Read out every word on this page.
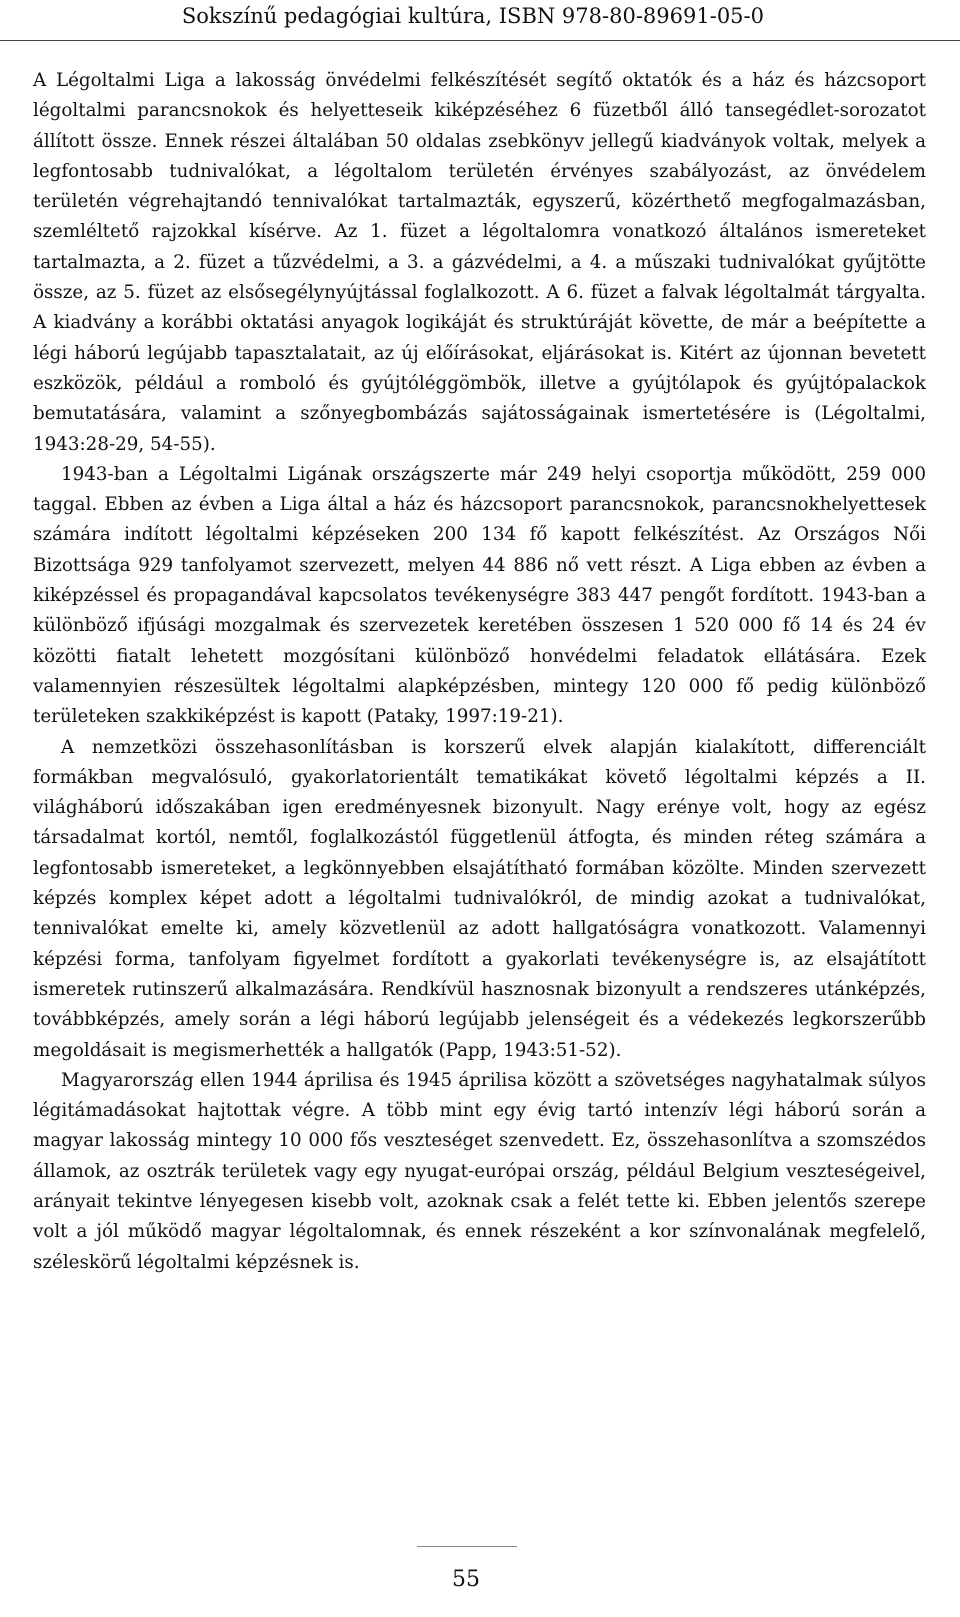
Sokszínű pedagógiai kultúra, ISBN 978-80-89691-05-0

A Légoltalmi Liga a lakosság önvédelmi felkészítését segítő oktatók és a ház és házcsoport légoltalmi parancsnokok és helyetteseik kiképzéséhez 6 füzetből álló tansegédlet-sorozatot állított össze. Ennek részei általában 50 oldalas zsebkönyv jellegű kiadványok voltak, melyek a legfontosabb tudnivalókat, a légoltalom területén érvényes szabályozást, az önvédelem területén végrehajtandó tennivalókat tartalmazták, egyszerű, közérthető megfogalmazásban, szemléltető rajzokkal kísérve. Az 1. füzet a légoltalomra vonatkozó általános ismereteket tartalmazta, a 2. füzet a tűzvédelmi, a 3. a gázvédelmi, a 4. a műszaki tudnivalókat gyűjtötte össze, az 5. füzet az elsősegélynyújtással foglalkozott. A 6. füzet a falvak légoltalmát tárgyalta. A kiadvány a korábbi oktatási anyagok logikáját és struktúráját követte, de már a beépítette a légi háború legújabb tapasztalatait, az új előírásokat, eljárásokat is. Kitért az újonnan bevetett eszközök, például a romboló és gyújtóléggömbök, illetve a gyújtólapok és gyújtópalackok bemutatására, valamint a szőnyegbombázás sajátosságainak ismertetésére is (Légoltalmi, 1943:28-29, 54-55).

1943-ban a Légoltalmi Ligának országszerte már 249 helyi csoportja működött, 259 000 taggal. Ebben az évben a Liga által a ház és házcsoport parancsnokok, parancsnokhelyettesek számára indított légoltalmi képzéseken 200 134 fő kapott felkészítést. Az Országos Női Bizottsága 929 tanfolyamot szervezett, melyen 44 886 nő vett részt. A Liga ebben az évben a kiképzéssel és propagandával kapcsolatos tevékenységre 383 447 pengőt fordított. 1943-ban a különböző ifjúsági mozgalmak és szervezetek keretében összesen 1 520 000 fő 14 és 24 év közötti fiatalt lehetett mozgósítani különböző honvédelmi feladatok ellátására. Ezek valamennyien részesültek légoltalmi alapképzésben, mintegy 120 000 fő pedig különböző területeken szakkiképzést is kapott (Pataky, 1997:19-21).

A nemzetközi összehasonlításban is korszerű elvek alapján kialakított, differenciált formákban megvalósuló, gyakorlatorientált tematikákat követő légoltalmi képzés a II. világháború időszakában igen eredményesnek bizonyult. Nagy erénye volt, hogy az egész társadalmat kortól, nemtől, foglalkozástól függetlenül átfogta, és minden réteg számára a legfontosabb ismereteket, a legkönnyebben elsajátítható formában közölte. Minden szervezett képzés komplex képet adott a légoltalmi tudnivalókról, de mindig azokat a tudnivalókat, tennivalókat emelte ki, amely közvetlenül az adott hallgatóságra vonatkozott. Valamennyi képzési forma, tanfolyam figyelmet fordított a gyakorlati tevékenységre is, az elsajátított ismeretek rutinszerű alkalmazására. Rendkívül hasznosnak bizonyult a rendszeres utánképzés, továbbképzés, amely során a légi háború legújabb jelenségeit és a védekezés legkorszerűbb megoldásait is megismerhették a hallgatók (Papp, 1943:51-52).

Magyarország ellen 1944 áprilisa és 1945 áprilisa között a szövetséges nagyhatalmak súlyos légitámadásokat hajtottak végre. A több mint egy évig tartó intenzív légi háború során a magyar lakosság mintegy 10 000 fős veszteséget szenvedett. Ez, összehasonlítva a szomszédos államok, az osztrák területek vagy egy nyugat-európai ország, például Belgium veszteségeivel, arányait tekintve lényegesen kisebb volt, azoknak csak a felét tette ki. Ebben jelentős szerepe volt a jól működő magyar légoltalomnak, és ennek részeként a kor színvonalának megfelelő, széleskörű légoltalmi képzésnek is.

55
